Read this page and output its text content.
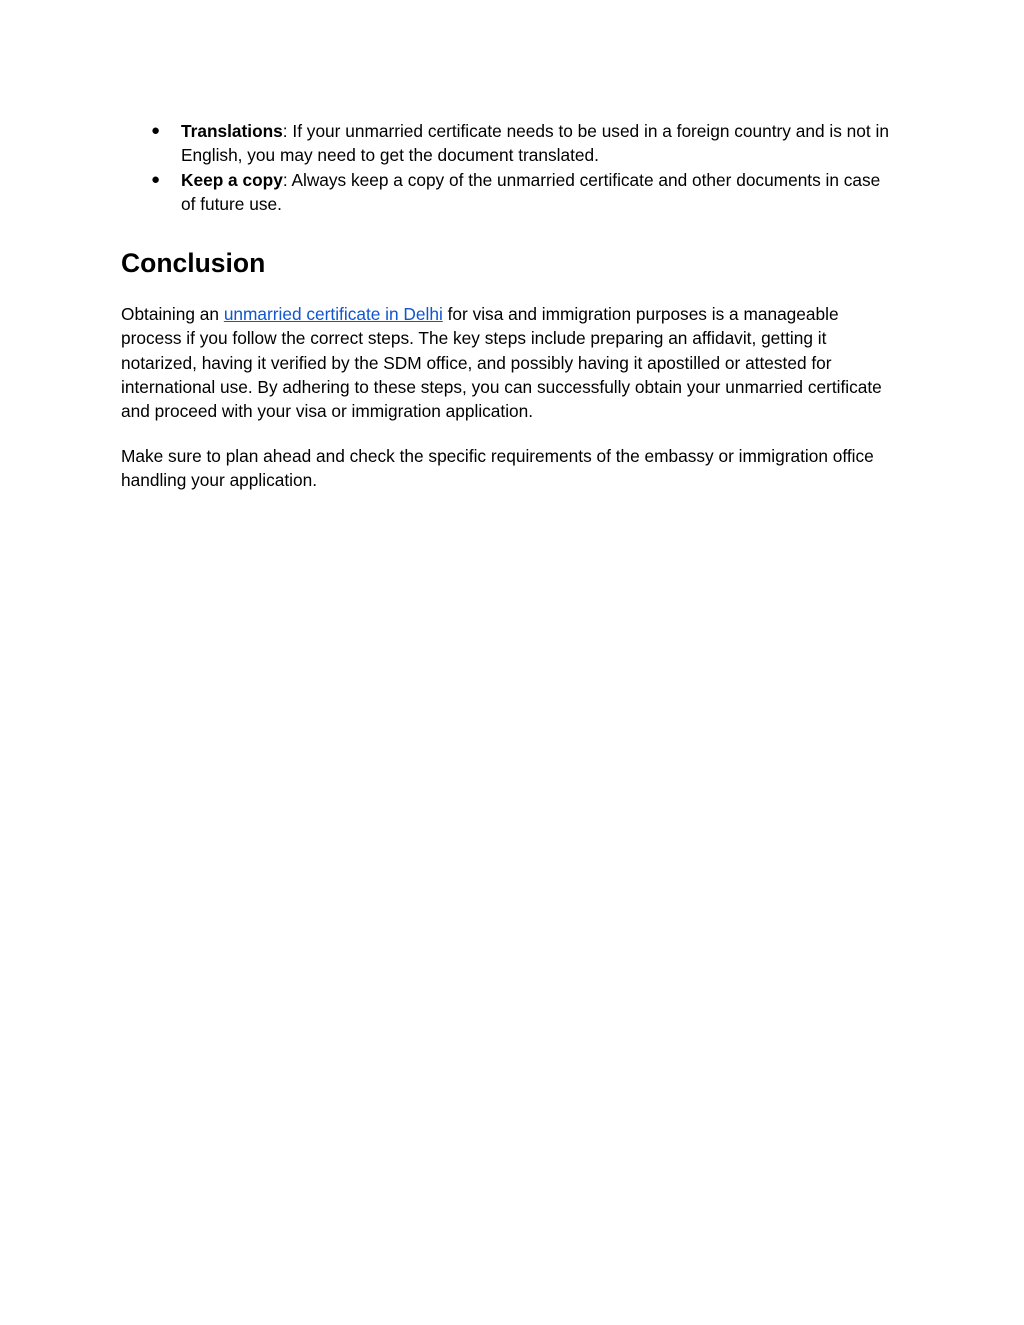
● Translations: If your unmarried certificate needs to be used in a foreign country and is not in English, you may need to get the document translated.
● Keep a copy: Always keep a copy of the unmarried certificate and other documents in case of future use.
Conclusion

Obtaining an unmarried certificate in Delhi for visa and immigration purposes is a manageable process if you follow the correct steps. The key steps include preparing an affidavit, getting it notarized, having it verified by the SDM office, and possibly having it apostilled or attested for international use. By adhering to these steps, you can successfully obtain your unmarried certificate and proceed with your visa or immigration application.

Make sure to plan ahead and check the specific requirements of the embassy or immigration office handling your application.
